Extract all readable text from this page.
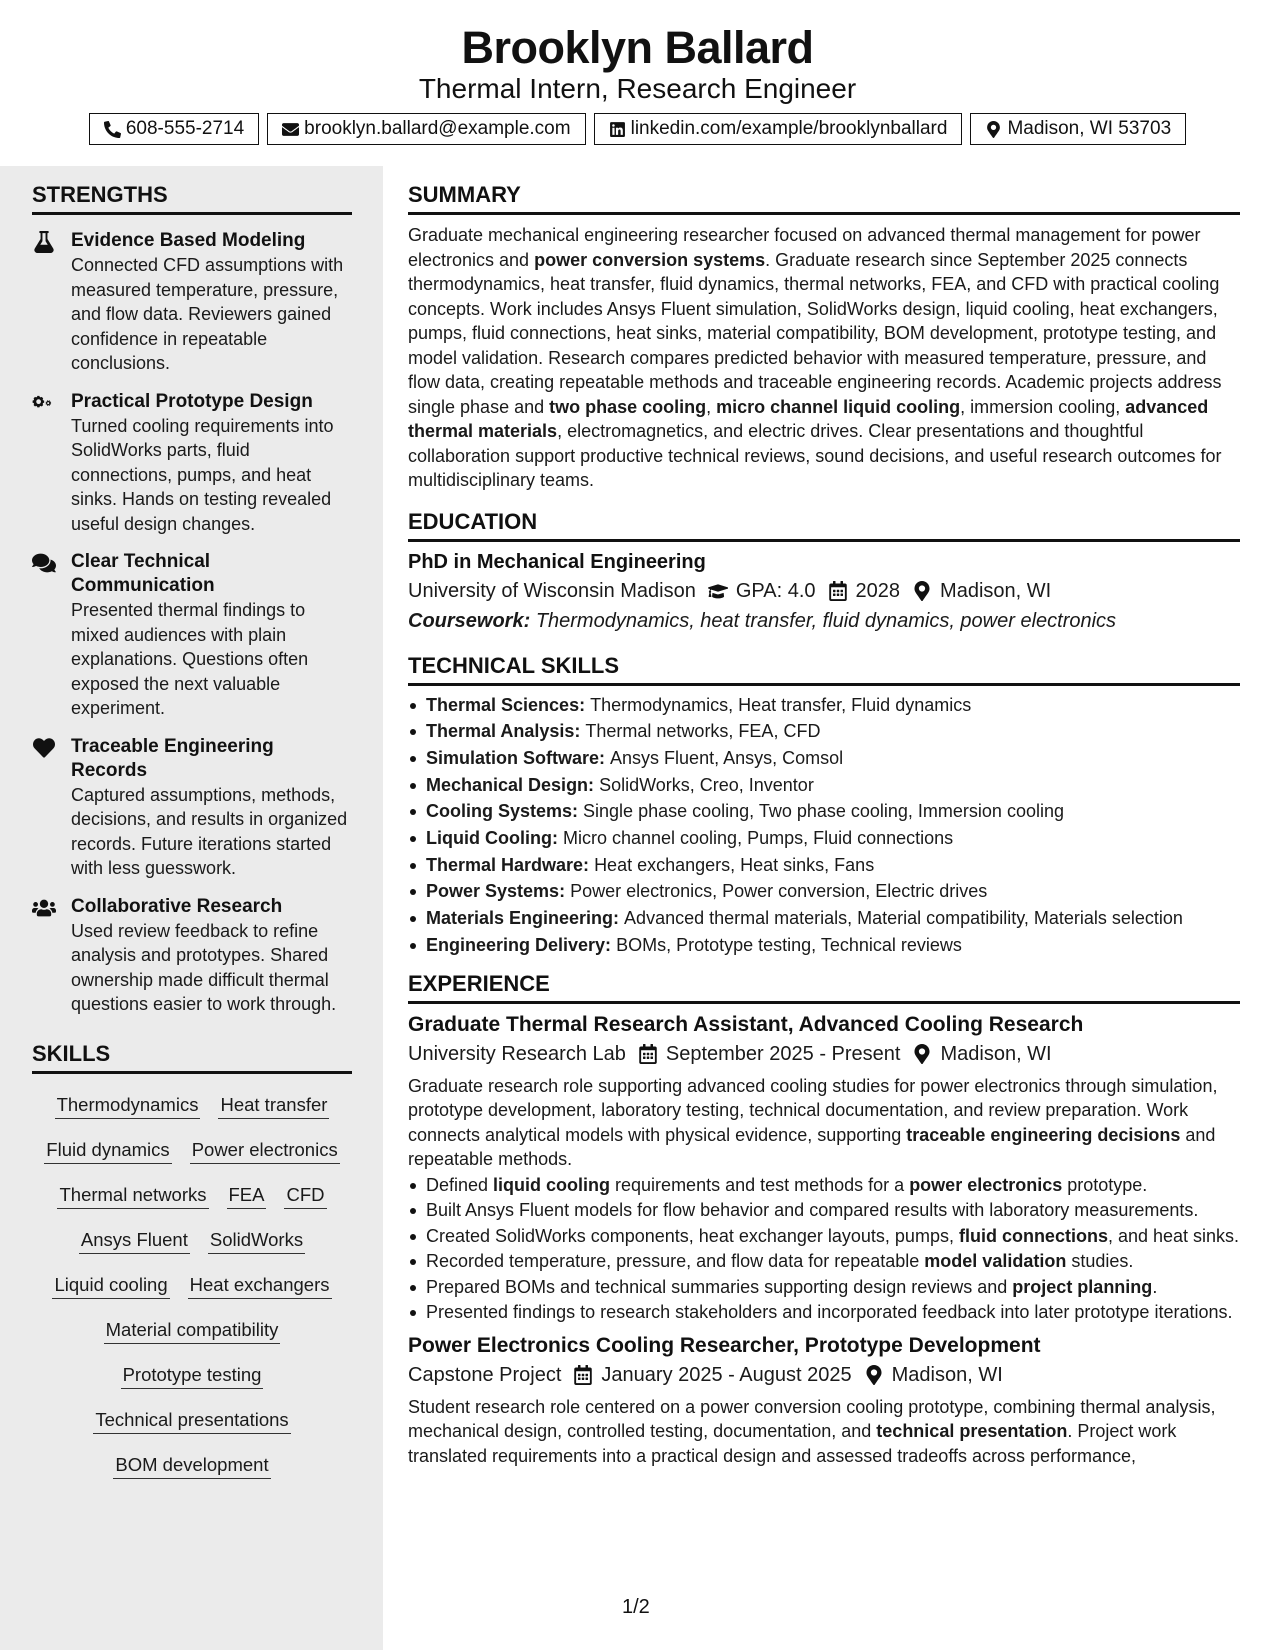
Brooklyn Ballard
Thermal Intern, Research Engineer
608-555-2714	brooklyn.ballard@example.com	linkedin.com/example/brooklynballard	Madison, WI 53703
STRENGTHS
Evidence Based Modeling
Connected CFD assumptions with measured temperature, pressure, and flow data. Reviewers gained confidence in repeatable conclusions.
Practical Prototype Design
Turned cooling requirements into SolidWorks parts, fluid connections, pumps, and heat sinks. Hands on testing revealed useful design changes.
Clear Technical Communication
Presented thermal findings to mixed audiences with plain explanations. Questions often exposed the next valuable experiment.
Traceable Engineering Records
Captured assumptions, methods, decisions, and results in organized records. Future iterations started with less guesswork.
Collaborative Research
Used review feedback to refine analysis and prototypes. Shared ownership made difficult thermal questions easier to work through.
SKILLS
Thermodynamics Heat transfer
Fluid dynamics Power electronics
Thermal networks FEA CFD
Ansys Fluent SolidWorks
Liquid cooling Heat exchangers
Material compatibility
Prototype testing
Technical presentations
BOM development
SUMMARY
Graduate mechanical engineering researcher focused on advanced thermal management for power electronics and power conversion systems. Graduate research since September 2025 connects thermodynamics, heat transfer, fluid dynamics, thermal networks, FEA, and CFD with practical cooling concepts. Work includes Ansys Fluent simulation, SolidWorks design, liquid cooling, heat exchangers, pumps, fluid connections, heat sinks, material compatibility, BOM development, prototype testing, and model validation. Research compares predicted behavior with measured temperature, pressure, and flow data, creating repeatable methods and traceable engineering records. Academic projects address single phase and two phase cooling, micro channel liquid cooling, immersion cooling, advanced thermal materials, electromagnetics, and electric drives. Clear presentations and thoughtful collaboration support productive technical reviews, sound decisions, and useful research outcomes for multidisciplinary teams.
EDUCATION
PhD in Mechanical Engineering
University of Wisconsin Madison GPA: 4.0 2028 Madison, WI
Coursework: Thermodynamics, heat transfer, fluid dynamics, power electronics
TECHNICAL SKILLS
Thermal Sciences: Thermodynamics, Heat transfer, Fluid dynamics
Thermal Analysis: Thermal networks, FEA, CFD
Simulation Software: Ansys Fluent, Ansys, Comsol
Mechanical Design: SolidWorks, Creo, Inventor
Cooling Systems: Single phase cooling, Two phase cooling, Immersion cooling
Liquid Cooling: Micro channel cooling, Pumps, Fluid connections
Thermal Hardware: Heat exchangers, Heat sinks, Fans
Power Systems: Power electronics, Power conversion, Electric drives
Materials Engineering: Advanced thermal materials, Material compatibility, Materials selection
Engineering Delivery: BOMs, Prototype testing, Technical reviews
EXPERIENCE
Graduate Thermal Research Assistant, Advanced Cooling Research
University Research Lab September 2025 - Present Madison, WI
Graduate research role supporting advanced cooling studies for power electronics through simulation, prototype development, laboratory testing, technical documentation, and review preparation. Work connects analytical models with physical evidence, supporting traceable engineering decisions and repeatable methods.
Defined liquid cooling requirements and test methods for a power electronics prototype.
Built Ansys Fluent models for flow behavior and compared results with laboratory measurements.
Created SolidWorks components, heat exchanger layouts, pumps, fluid connections, and heat sinks.
Recorded temperature, pressure, and flow data for repeatable model validation studies.
Prepared BOMs and technical summaries supporting design reviews and project planning.
Presented findings to research stakeholders and incorporated feedback into later prototype iterations.
Power Electronics Cooling Researcher, Prototype Development
Capstone Project January 2025 - August 2025 Madison, WI
Student research role centered on a power conversion cooling prototype, combining thermal analysis, mechanical design, controlled testing, documentation, and technical presentation. Project work translated requirements into a practical design and assessed tradeoffs across performance,
1/2
